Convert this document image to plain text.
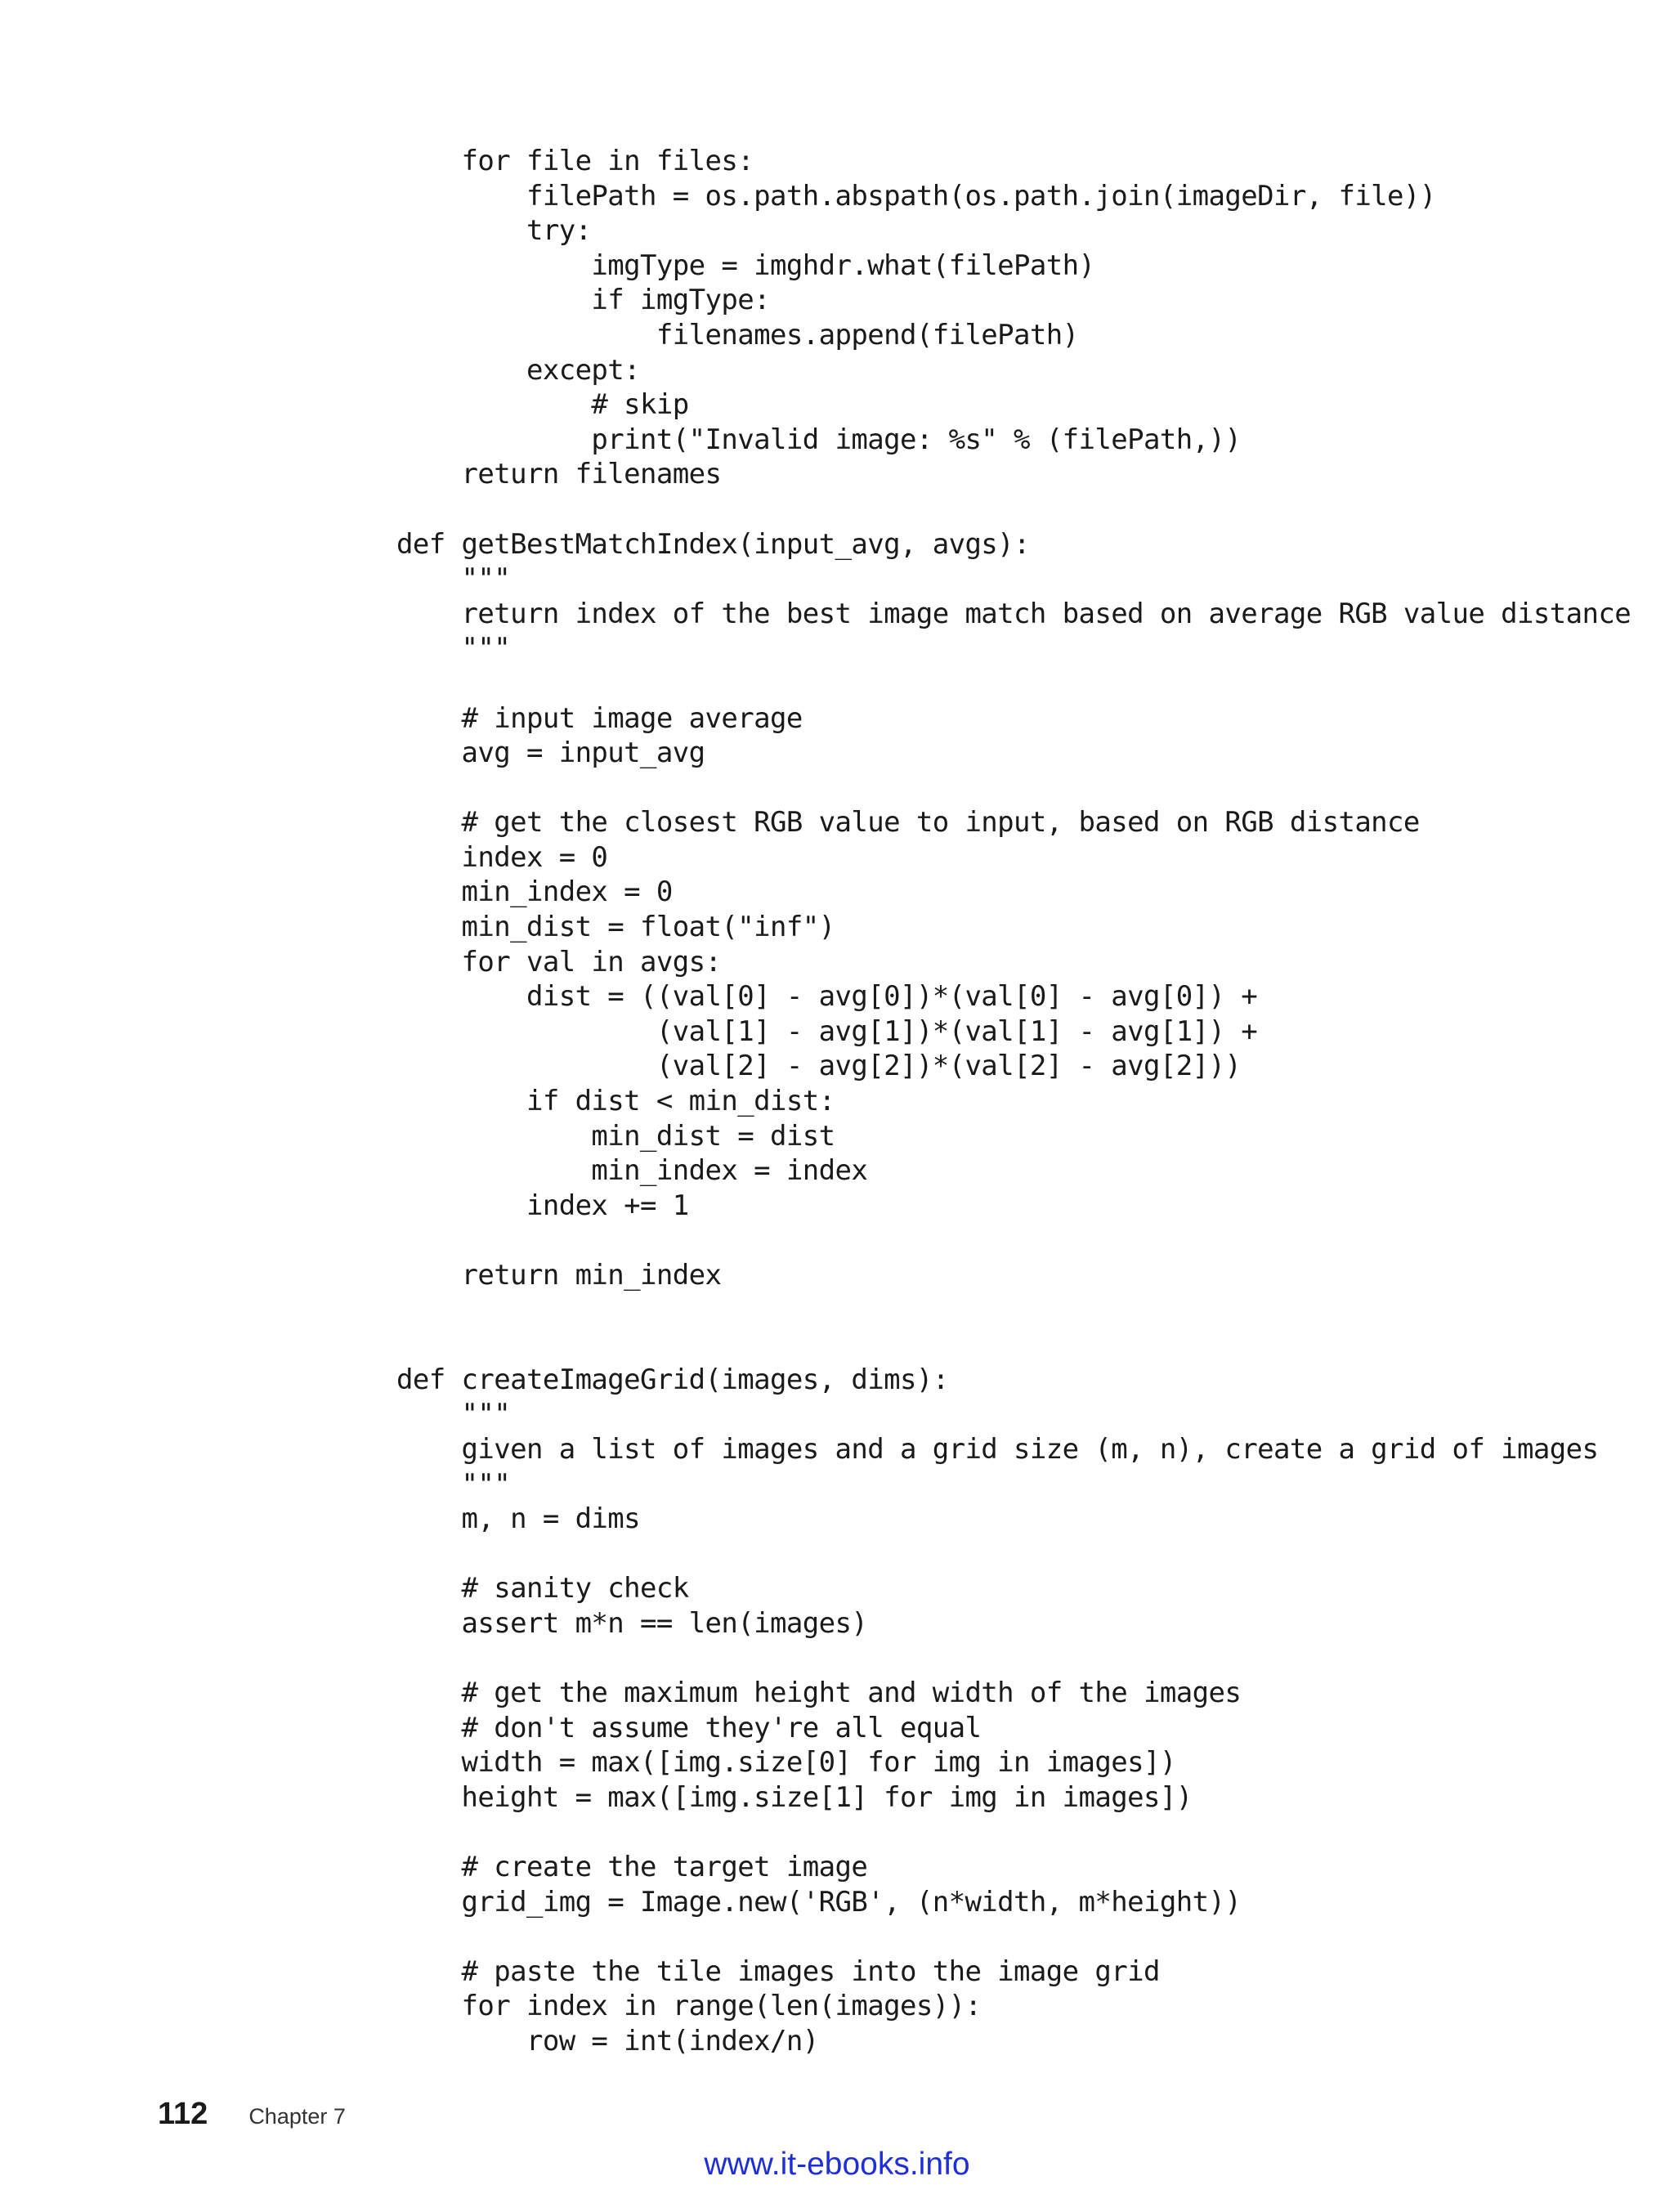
for file in files:
filePath = os.path.abspath(os.path.join(imageDir, file))
try:
imgType = imghdr.what(filePath)
if imgType:
filenames.append(filePath)
except:
# skip
print("Invalid image: %s" % (filePath,))
return filenames
def getBestMatchIndex(input_avg, avgs):
"""
return index of the best image match based on average RGB value distance
"""
# input image average
avg = input_avg
# get the closest RGB value to input, based on RGB distance
index = 0
min_index = 0
min_dist = float("inf")
for val in avgs:
dist = ((val[0] - avg[0])*(val[0] - avg[0]) +
(val[1] - avg[1])*(val[1] - avg[1]) +
(val[2] - avg[2])*(val[2] - avg[2]))
if dist < min_dist:
min_dist = dist
min_index = index
index += 1
return min_index
def createImageGrid(images, dims):
"""
given a list of images and a grid size (m, n), create a grid of images
"""
m, n = dims
# sanity check
assert m*n == len(images)
# get the maximum height and width of the images
# don't assume they're all equal
width = max([img.size[0] for img in images])
height = max([img.size[1] for img in images])
# create the target image
grid_img = Image.new('RGB', (n*width, m*height))
# paste the tile images into the image grid
for index in range(len(images)):
row = int(index/n)
112 Chapter 7
www.it-ebooks.info
